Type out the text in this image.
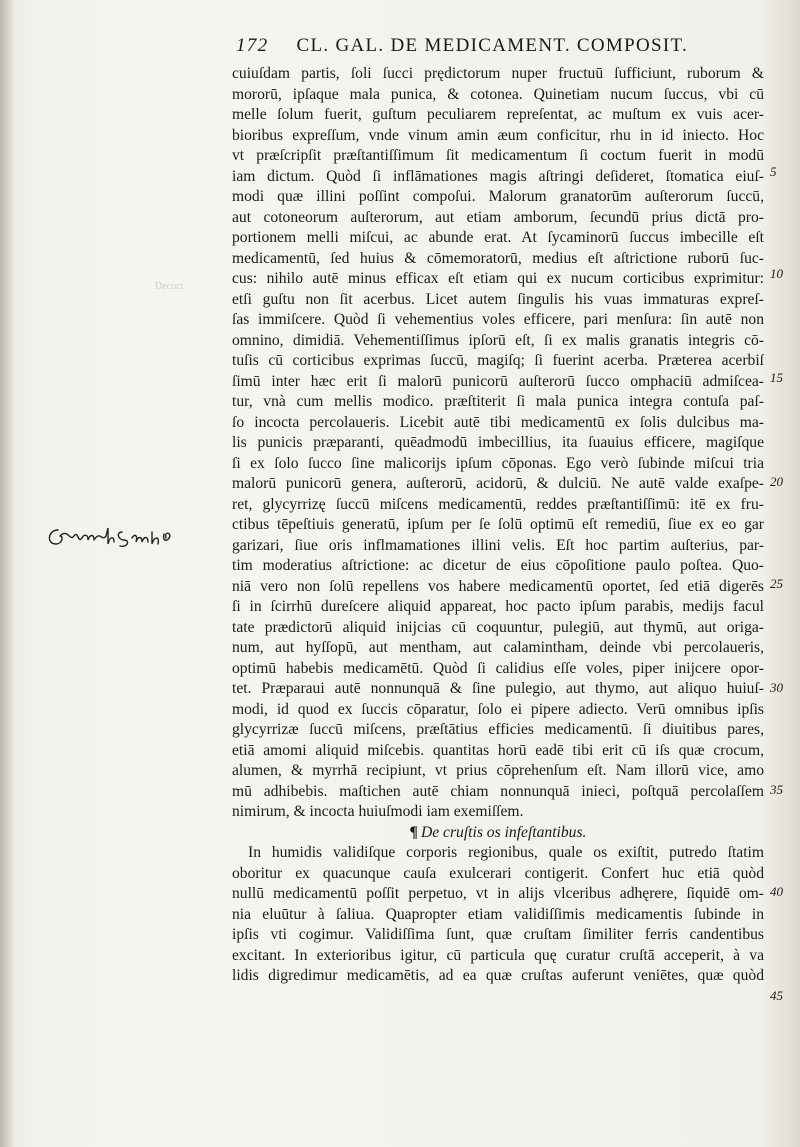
172 CL. GAL. DE MEDICAMENT. COMPOSIT.
Decoct
cuiuſdam partis, ſoli ſucci prędictorum nuper fructuū ſufficiunt, ruborum &
mororū, ipſaque mala punica, & cotonea. Quinetiam nucum ſuccus, vbi cū
melle ſolum fuerit, guſtum peculiarem repreſentat, ac muſtum ex vuis acer-
bioribus expreſſum, vnde vinum amin æum conficitur, rhu in id iniecto. Hoc
vt præſcripſit præſtantiſſimum ſit medicamentum ſi coctum fuerit in modū
iam dictum. Quòd ſi inflāmationes magis aſtringi deſideret, ſtomatica eiuſ-
modi quæ illini poſſint compoſui. Malorum granatorūm auſterorum ſuccū,
aut cotoneorum auſterorum, aut etiam amborum, ſecundū prius dictā pro-
portionem melli miſcui, ac abunde erat. At ſycaminorū ſuccus imbecille eſt
medicamentū, ſed huius & cōmemoratorū, medius eſt aſtrictione ruborū ſuc-
cus: nihilo autē minus efficax eſt etiam qui ex nucum corticibus exprimitur:
etſi guſtu non ſit acerbus. Licet autem ſingulis his vuas immaturas expreſ-
ſas immiſcere. Quòd ſi vehementius voles efficere, pari menſura: ſin autē non
omnino, dimidiā. Vehementiſſimus ipſorū eſt, ſi ex malis granatis integris cō-
tuſis cū corticibus exprimas ſuccū, magiſq; ſi fuerint acerba. Præterea acerbiſ
ſimū inter hæc erit ſi malorū punicorū auſterorū ſucco omphaciū admiſcea-
tur, vnà cum mellis modico. præſtiterit ſi mala punica integra contuſa paſ-
ſo incocta percolaueris. Licebit autē tibi medicamentū ex ſolis dulcibus ma-
lis punicis præparanti, quēadmodū imbecillius, ita ſuauius efficere, magiſque
ſi ex ſolo ſucco ſine malicorijs ipſum cōponas. Ego verò ſubinde miſcui tria
malorū punicorū genera, auſterorū, acidorū, & dulciū. Ne autē valde exaſpe-
ret, glycyrrizę ſuccū miſcens medicamentū, reddes præſtantiſſimū: itē ex fru-
ctibus tēpeſtiuis generatū, ipſum per ſe ſolū optimū eſt remediū, ſiue ex eo gar
garizari, ſiue oris inflmamationes illini velis. Eſt hoc partim auſterius, par-
tim moderatius aſtrictione: ac dicetur de eius cōpoſitione paulo poſtea. Quo-
niā vero non ſolū repellens vos habere medicamentū oportet, ſed etiā digerēs
ſi in ſcirrhū dureſcere aliquid appareat, hoc pacto ipſum parabis, medijs facul
tate prædictorū aliquid inijcias cū coquuntur, pulegiū, aut thymū, aut origa-
num, aut hyſſopū, aut mentham, aut calamintham, deinde vbi percolaueris,
optimū habebis medicamētū. Quòd ſi calidius eſſe voles, piper inijcere opor-
tet. Præparaui autē nonnunquā & ſine pulegio, aut thymo, aut aliquo huiuſ-
modi, id quod ex ſuccis cōparatur, ſolo ei pipere adiecto. Verū omnibus ipſis
glycyrrizæ ſuccū miſcens, præſtātius efficies medicamentū. ſi diuitibus pares,
etiā amomi aliquid miſcebis. quantitas horū eadē tibi erit cū iſs quæ crocum,
alumen, & myrrhā recipiunt, vt prius cōprehenſum eſt. Nam illorū vice, amo
mū adhibebis. maſtichen autē chiam nonnunquā inieci, poſtquā percolaſſem
nimirum, & incocta huiuſmodi iam exemiſſem.
¶ De cruſtis os infeſtantibus.
In humidis validiſque corporis regionibus, quale os exiſtit, putredo ſtatim
oboritur ex quacunque cauſa exulcerari contigerit. Confert huc etiā quòd
nullū medicamentū poſſit perpetuo, vt in alijs vlceribus adhęrere, ſiquidē om-
nia eluūtur à ſaliua. Quapropter etiam validiſſimis medicamentis ſubinde in
ipſis vti cogimur. Validiſſima ſunt, quæ cruſtam ſimiliter ferris candentibus
excitant. In exterioribus igitur, cū particula quę curatur cruſtā acceperit, à va
lidis digredimur medicamētis, ad ea quæ cruſtas auferunt veniētes, quæ quòd
5
10
15
20
25
30
35
40
45
